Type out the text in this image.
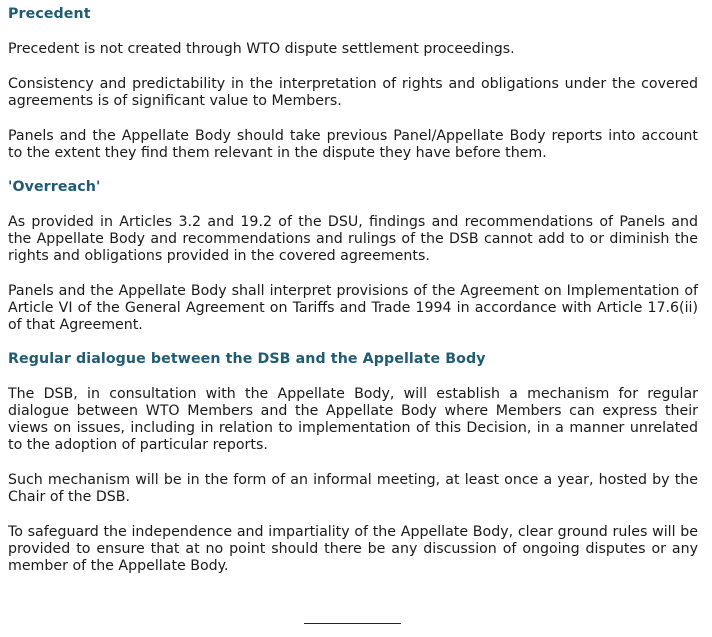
Precedent

Precedent is not created through WTO dispute settlement proceedings.

Consistency and predictability in the interpretation of rights and obligations under the covered agreements is of significant value to Members.

Panels and the Appellate Body should take previous Panel/Appellate Body reports into account to the extent they find them relevant in the dispute they have before them.

'Overreach'

As provided in Articles 3.2 and 19.2 of the DSU, findings and recommendations of Panels and the Appellate Body and recommendations and rulings of the DSB cannot add to or diminish the rights and obligations provided in the covered agreements.

Panels and the Appellate Body shall interpret provisions of the Agreement on Implementation of Article VI of the General Agreement on Tariffs and Trade 1994 in accordance with Article 17.6(ii) of that Agreement.

Regular dialogue between the DSB and the Appellate Body

The DSB, in consultation with the Appellate Body, will establish a mechanism for regular dialogue between WTO Members and the Appellate Body where Members can express their views on issues, including in relation to implementation of this Decision, in a manner unrelated to the adoption of particular reports.

Such mechanism will be in the form of an informal meeting, at least once a year, hosted by the Chair of the DSB.

To safeguard the independence and impartiality of the Appellate Body, clear ground rules will be provided to ensure that at no point should there be any discussion of ongoing disputes or any member of the Appellate Body.
